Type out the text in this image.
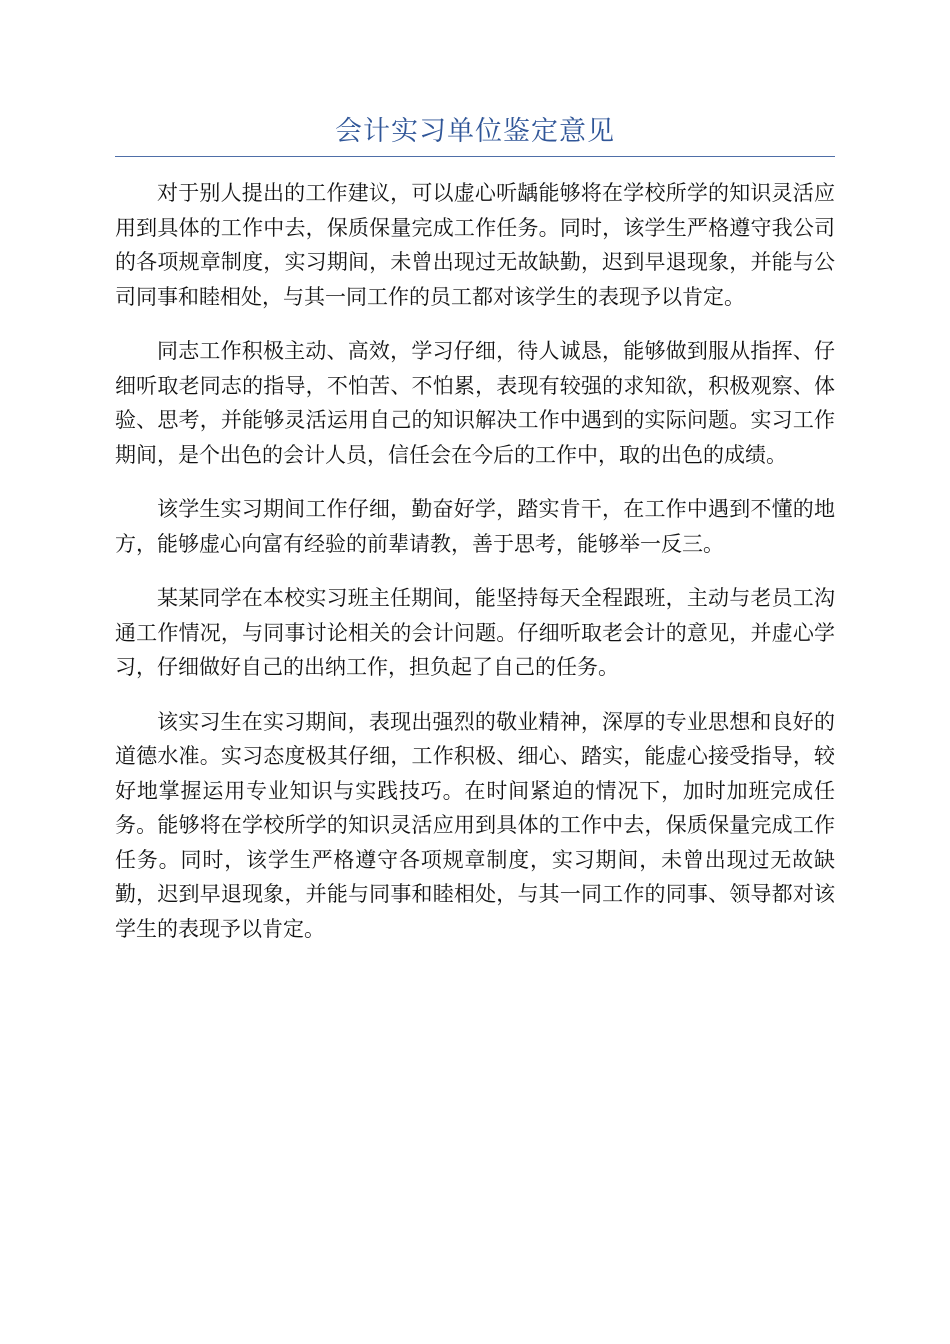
会计实习单位鉴定意见

对于别人提出的工作建议，可以虚心听龋能够将在学校所学的知识灵活应用到具体的工作中去，保质保量完成工作任务。同时，该学生严格遵守我公司的各项规章制度，实习期间，未曾出现过无故缺勤，迟到早退现象，并能与公司同事和睦相处，与其一同工作的员工都对该学生的表现予以肯定。

同志工作积极主动、高效，学习仔细，待人诚恳，能够做到服从指挥、仔细听取老同志的指导，不怕苦、不怕累，表现有较强的求知欲，积极观察、体验、思考，并能够灵活运用自己的知识解决工作中遇到的实际问题。实习工作期间，是个出色的会计人员，信任会在今后的工作中，取的出色的成绩。

该学生实习期间工作仔细，勤奋好学，踏实肯干，在工作中遇到不懂的地方，能够虚心向富有经验的前辈请教，善于思考，能够举一反三。

某某同学在本校实习班主任期间，能坚持每天全程跟班，主动与老员工沟通工作情况，与同事讨论相关的会计问题。仔细听取老会计的意见，并虚心学习，仔细做好自己的出纳工作，担负起了自己的任务。

该实习生在实习期间，表现出强烈的敬业精神，深厚的专业思想和良好的道德水准。实习态度极其仔细，工作积极、细心、踏实，能虚心接受指导，较好地掌握运用专业知识与实践技巧。在时间紧迫的情况下，加时加班完成任务。能够将在学校所学的知识灵活应用到具体的工作中去，保质保量完成工作任务。同时，该学生严格遵守各项规章制度，实习期间，未曾出现过无故缺勤，迟到早退现象，并能与同事和睦相处，与其一同工作的同事、领导都对该学生的表现予以肯定。
